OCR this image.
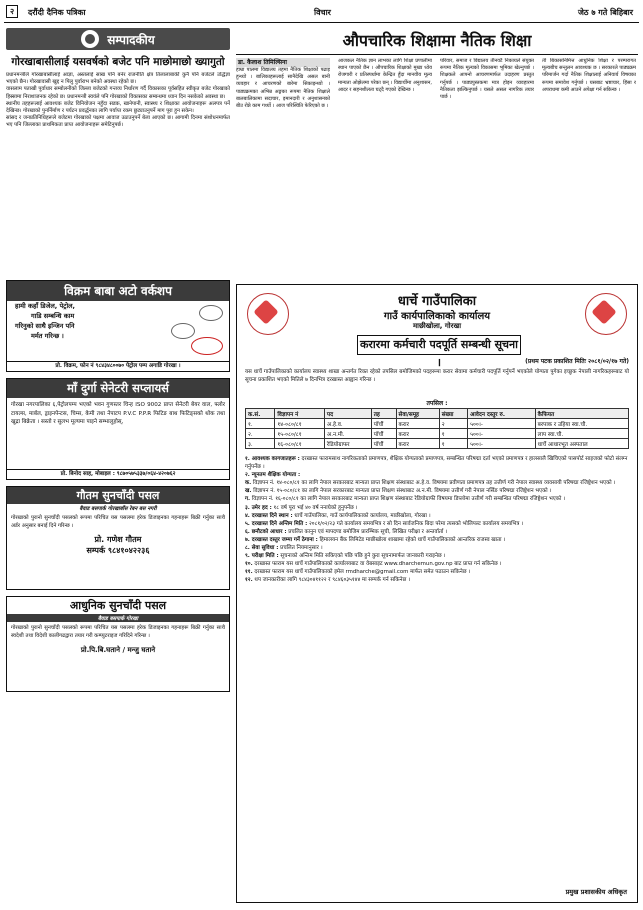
२	दरौंदी दैनिक पत्रिका	विचार	जेठ ७ गते बिहिबार
सम्पादकीय
गोरखाबासीलाई यसवर्षको बजेट पनि माछोमाछो ख्यागुतो

प्रधानमन्त्रीले गोरखाबासीलाई आज्ञा, अस्तलाई साख पनि बनेर राजनीति क्षेत्र तिलालाबाकी कुनै पनि बजेटले उद्धिज्ञा भएको छैन। गोरखावासी खुद्द न पिलु पुर्वाराभ बनेको अवस्था रहेको छ।

यासलाम पताखी पूर्वाधार सम्बोलनीको जिल्ला बजेटको गन्तव्य निर्धारण गर्दै विकासका पूर्वसहित स्वीकृत बजेट गोरखाको हिस्सामा निराशाजनक रहेको छ। प्रधानमन्त्री स्वयंले पनि गोरखाको विकासका सम्बन्धमा ध्यान दिन नसकेको अवस्था छ।

स्थानीय तहहरूलाई आवश्यक बजेट विनियोजन नहुँदा सडक, खानेपानी, स्वास्थ्य र शिक्षाका आयोजनाहरू अलपत्र पर्ने देखिन्छ। गोरखाको पुनर्निर्माण र पर्यटन प्रवर्द्धनका लागि पर्याप्त रकम छुट्याउनुपर्ने माग पूरा हुन सकेन।

सांसद र जनप्रतिनिधिहरूले बजेटमा गोरखाको पक्षमा आवाज उठाउनुपर्ने बेला आएको छ। आगामी दिनमा संशोधनमार्फत भए पनि जिल्लाका प्राथमिकता प्राप्त आयोजनाहरू समेटिनुपर्छ।

विक्रम बाबा अटो वर्कशप
हामी कहाँ डिजेल, पेट्रोल,
गाडि सम्बन्धि काम
गरिनुको साथै इन्जिन पनि
मर्मत गरिन्छ ।
प्रो. विक्रम, फोन नं ९८४३४८००७० पेट्रोल पम्प अगाडि गोरखा ।
माँ दुर्गा सेनेटरी सप्लायर्स
गोरखा नगरपालिका ६,पेट्रोलपम्प भएको भवन गुणस्तर चिन्ह ISO 9002 प्राप्त सेनेटरी बेयर वाल, फ्लोर टायल्स, मार्बल, ड्राइनपेन्टस, चिम्स, केमी तथा नेपाटप P.V.C P.P.R फिटिङ बाथ फिटिङ्सको थोक तथा खुद्रा बिक्रेता । सस्तो र सुलभ मूल्यमा पाइने सम्भालुहोस्,
प्रो. बिनोद साह, मोबाइल : ९८७०५७५३३७/०६४-४२०७६२
गौतम सुनचाँदी पसल
बैवाड बसपार्क गोरखाबाँस रेबन बस नगरी
गोरखाको पुरानो सुनचाँदी पसलको रूपमा परिचित यस पसलमा हरेक डिजाइनका गहनाहरू बिक्री गर्नुका साथै अर्डर अनुसार बनाई दिने गरिन्छ ।
प्रो. गणेश गौतम
सम्पर्क ९८४१०४२२३६
आधुनिक सुनचाँदी पसल
बैवाड बसपार्क गोरखा
गोरखाको पुरानो सुनचाँदी पसलको रूपमा परिचित यस पसलमा हरेक डिजाइनका गहनाहरू बिक्री गर्नुका साथै स्वदेशी तथा विदेशी कालीगढद्वारा तयार गरी कम्प्युटराइज गरिदिने गरिन्छ ।
प्रो.पि.बि.घताने / मन्जु घताने
औपचारिक शिक्षामा नैतिक शिक्षा
डा. कैलाश तिमिल्सिना
हाम्रा पालमा विद्यालय तहमा नैतिक शिक्षाको पढाइ हुन्थ्यो । बालिकाहरूलाई सानैदेखि असल बानी व्यवहार र आचरणको बारेमा सिकाइन्थ्यो । पाठ्यक्रमका अभिन्न अङ्गका रूपमा नैतिक शिक्षाले बालबालिकामा सदाचार, इमानदारी र अनुशासनको बीउ रोप्ने काम गर्थ्यो । आज परिस्थिति फेरिएको छ ।
आजकल नैतिक ज्ञान लाभका लागि शिक्षा प्रणालीमा स्थान पाएको छैन । औपचारिक शिक्षाको मुख्य ध्येय रोजगारी र प्रतिस्पर्धामा केन्द्रित हुँदा मानवीय मूल्य मान्यता ओझेलमा परेका छन् । विद्यार्थीमा अनुशासन, आदर र सहनशीलता घट्दै गएको देखिन्छ ।
परिवार, समाज र विद्यालय तीनवटै निकायले संयुक्त रूपमा नैतिक मूल्यको विकासमा भूमिका खेल्नुपर्छ । शिक्षकले आफ्नो आचरणमार्फत उदाहरण प्रस्तुत गर्नुपर्छ । पाठ्यपुस्तकमा मात्र होइन व्यवहारमा नैतिकता झल्किनुपर्छ । यसले असल नागरिक तयार पार्छ ।
ती बिकासनिमित्त आधुनिक शिक्षा र परम्परागत मूल्यबीच सन्तुलन आवश्यक छ । सरकारले पाठ्यक्रम परिमार्जन गर्दा नैतिक शिक्षालाई अनिवार्य विषयका रूपमा समावेश गर्नुपर्छ । यसबाट भ्रष्टाचार, हिंसा र अपराधमा कमी आउने अपेक्षा गर्न सकिन्छ ।
धार्चे गाउँपालिका
गाउँ कार्यपालिकाको कार्यालय
माछीखोला, गोरखा
करारमा कर्मचारी पदपूर्ति सम्बन्धी सूचना ।	(प्रथम पटक प्रकाशित मितिः २०८१/०२/१७ गते)
यस धार्चे गाउँपालिकाको कार्यालय स्वास्थ्य शाखा अन्तर्गत रिक्त रहेको तपसिल बमोजिमको पदहरूमा करार सेवामा कर्मचारी पदपूर्ति गर्नुपर्ने भएकोले योग्यता पुगेका इच्छुक नेपाली नागरिकहरूबाट यो सूचना प्रकाशित भएको मितिले ७ दिनभित्र दरखास्त आह्वान गरिन्छ ।
तपसिल :
क.सं.	विज्ञापन नं	पद	तह	सेवा/समूह	संख्या	आवेदन दस्तुर रु.	कैफियत
१.	१४-०८०/८१	अ.हे.व.	पाँचौं	करार	२	५००।-	बरपाक र उहिया स्वा.चौ.
२.	१५-०८०/८१	अ.न.मी.	पाँचौं	करार	१	५००।-	लाप स्वा.चौ.
३.	१६-०८०/८१	रेडियोग्राफर	पाँचौं	करार	१	५००।-	धार्चे आधारभूत अस्पताल

१. आवश्यक कागजातहरू : दरखास्त फारामसाथ नागरिकताको प्रमाणपत्र, शैक्षिक योग्यताको प्रमाणपत्र, सम्बन्धित परिषद्मा दर्ता भएको प्रमाणपत्र र हालसालै खिचिएको पासपोर्ट साइजको फोटो संलग्न गर्नुपर्नेछ ।

२. न्यूनतम शैक्षिक योग्यता :

क. विज्ञापन नं. १४-०८०/८१ का लागि नेपाल सरकारबाट मान्यता प्राप्त शिक्षण संस्थाबाट अ.हे.व. विषयमा प्रवीणता प्रमाणपत्र तह उत्तीर्ण गरी नेपाल स्वास्थ्य व्यवसायी परिषद्मा रजिष्ट्रेशन भएको ।

ख. विज्ञापन नं. १५-०८०/८१ का लागि नेपाल सरकारबाट मान्यता प्राप्त शिक्षण संस्थाबाट अ.न.मी. विषयमा उत्तीर्ण गरी नेपाल नर्सिङ परिषद्मा रजिष्ट्रेशन भएको ।

ग. विज्ञापन नं. १६-०८०/८१ का लागि नेपाल सरकारबाट मान्यता प्राप्त शिक्षण संस्थाबाट रेडियोग्राफी विषयमा डिप्लोमा उत्तीर्ण गरी सम्बन्धित परिषद्मा रजिष्ट्रेशन भएको ।

३. उमेर हद : १८ वर्ष पूरा भई ४० वर्ष ननाघेको हुनुपर्नेछ ।

४. दरखास्त दिने स्थान : धार्चे गाउँपालिका, गाउँ कार्यपालिकाको कार्यालय, माछीखोला, गोरखा ।

५. दरखास्त दिने अन्तिम मिति : २०८१/०२/२३ गते कार्यालय समयभित्र र सो दिन सार्वजनिक बिदा परेमा त्यसको भोलिपल्ट कार्यालय समयभित्र ।

६. छनौटको आधार : प्रचलित कानुन एवं मापदण्ड बमोजिम प्रारम्भिक सूची, लिखित परीक्षा र अन्तर्वार्ता ।

७. दरखास्त दस्तुर जम्मा गर्ने ठेगाना : हिमालयन बैंक लिमिटेड माछीखोला शाखामा रहेको धार्चे गाउँपालिकाको आन्तरिक राजस्व खाता ।

८. सेवा सुविधा : प्रचलित नियमानुसार ।

९. परीक्षा मिति : सूचनाको अन्तिम मिति सकिएको पछि पछि हुने कुरा सूचनामार्फत जानकारी गराइनेछ ।

१०. दरखास्त फाराम यस धार्चे गाउँपालिकाको कार्यालयबाट वा वेबसाइट www.dharchemun.gov.np बाट प्राप्त गर्न सकिनेछ ।

११. दरखास्त फाराम यस धार्चे गाउँपालिकाको इमेल rmdharche@gmail.com मार्फत समेत पठाउन सकिनेछ ।

१२. थप जानकारीका लागि ९८४३०४११२२ र ९८४६०३५१४४ मा सम्पर्क गर्न सकिनेछ ।

प्रमुख प्रशासकीय अधिकृत
